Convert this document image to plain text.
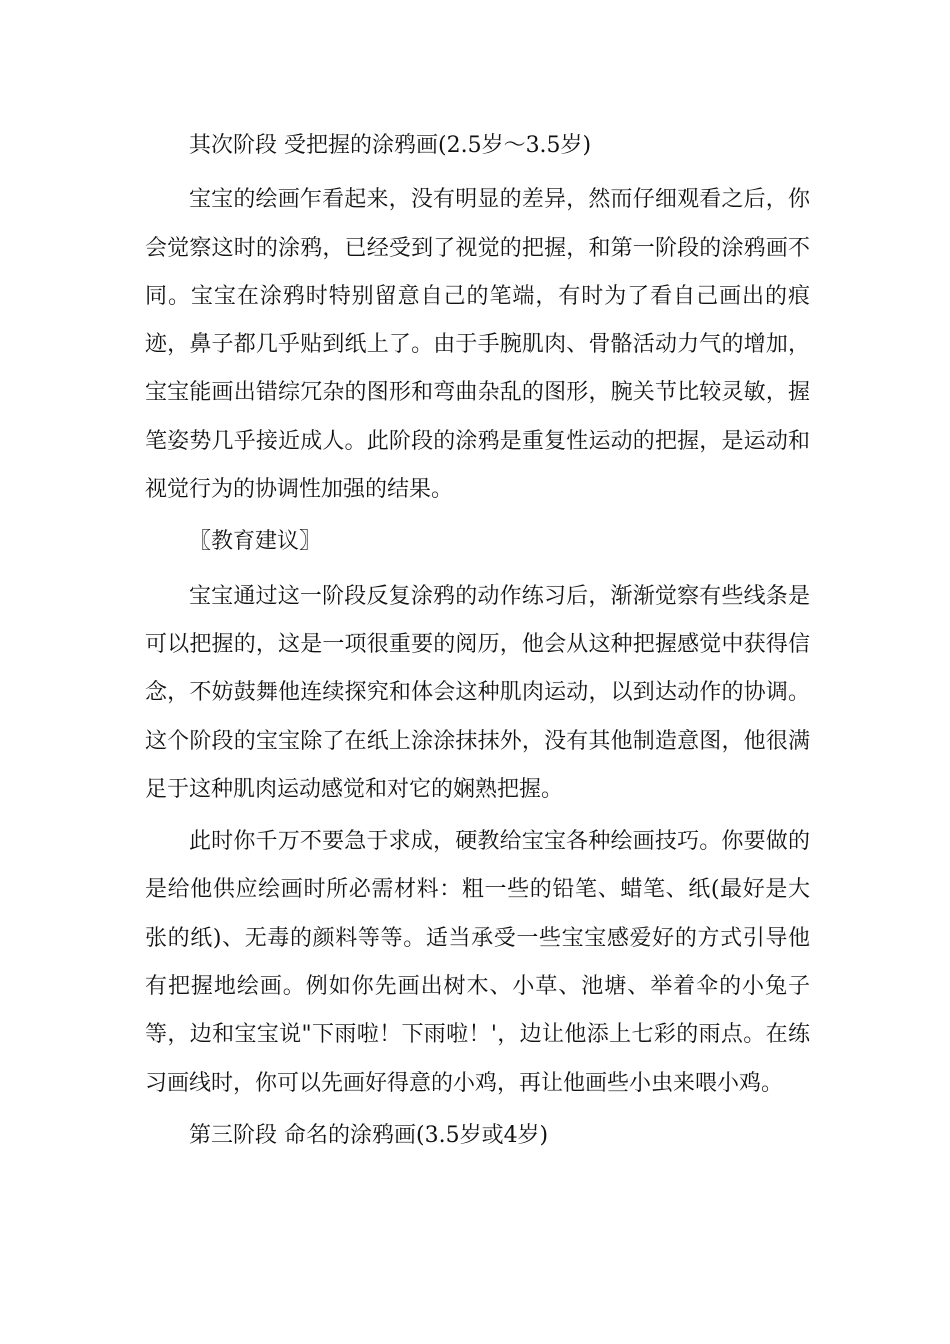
其次阶段 受把握的涂鸦画(2.5岁～3.5岁)

宝宝的绘画乍看起来，没有明显的差异，然而仔细观看之后，你会觉察这时的涂鸦，已经受到了视觉的把握，和第一阶段的涂鸦画不同。宝宝在涂鸦时特别留意自己的笔端，有时为了看自己画出的痕迹，鼻子都几乎贴到纸上了。由于手腕肌肉、骨骼活动力气的增加，宝宝能画出错综冗杂的图形和弯曲杂乱的图形，腕关节比较灵敏，握笔姿势几乎接近成人。此阶段的涂鸦是重复性运动的把握，是运动和视觉行为的协调性加强的结果。

〖教育建议〗

宝宝通过这一阶段反复涂鸦的动作练习后，渐渐觉察有些线条是可以把握的，这是一项很重要的阅历，他会从这种把握感觉中获得信念，不妨鼓舞他连续探究和体会这种肌肉运动，以到达动作的协调。这个阶段的宝宝除了在纸上涂涂抹抹外，没有其他制造意图，他很满足于这种肌肉运动感觉和对它的娴熟把握。

此时你千万不要急于求成，硬教给宝宝各种绘画技巧。你要做的是给他供应绘画时所必需材料：粗一些的铅笔、蜡笔、纸(最好是大张的纸)、无毒的颜料等等。适当承受一些宝宝感爱好的方式引导他有把握地绘画。例如你先画出树木、小草、池塘、举着伞的小兔子等，边和宝宝说"下雨啦！下雨啦！'，边让他添上七彩的雨点。在练习画线时，你可以先画好得意的小鸡，再让他画些小虫来喂小鸡。

第三阶段 命名的涂鸦画(3.5岁或4岁)
